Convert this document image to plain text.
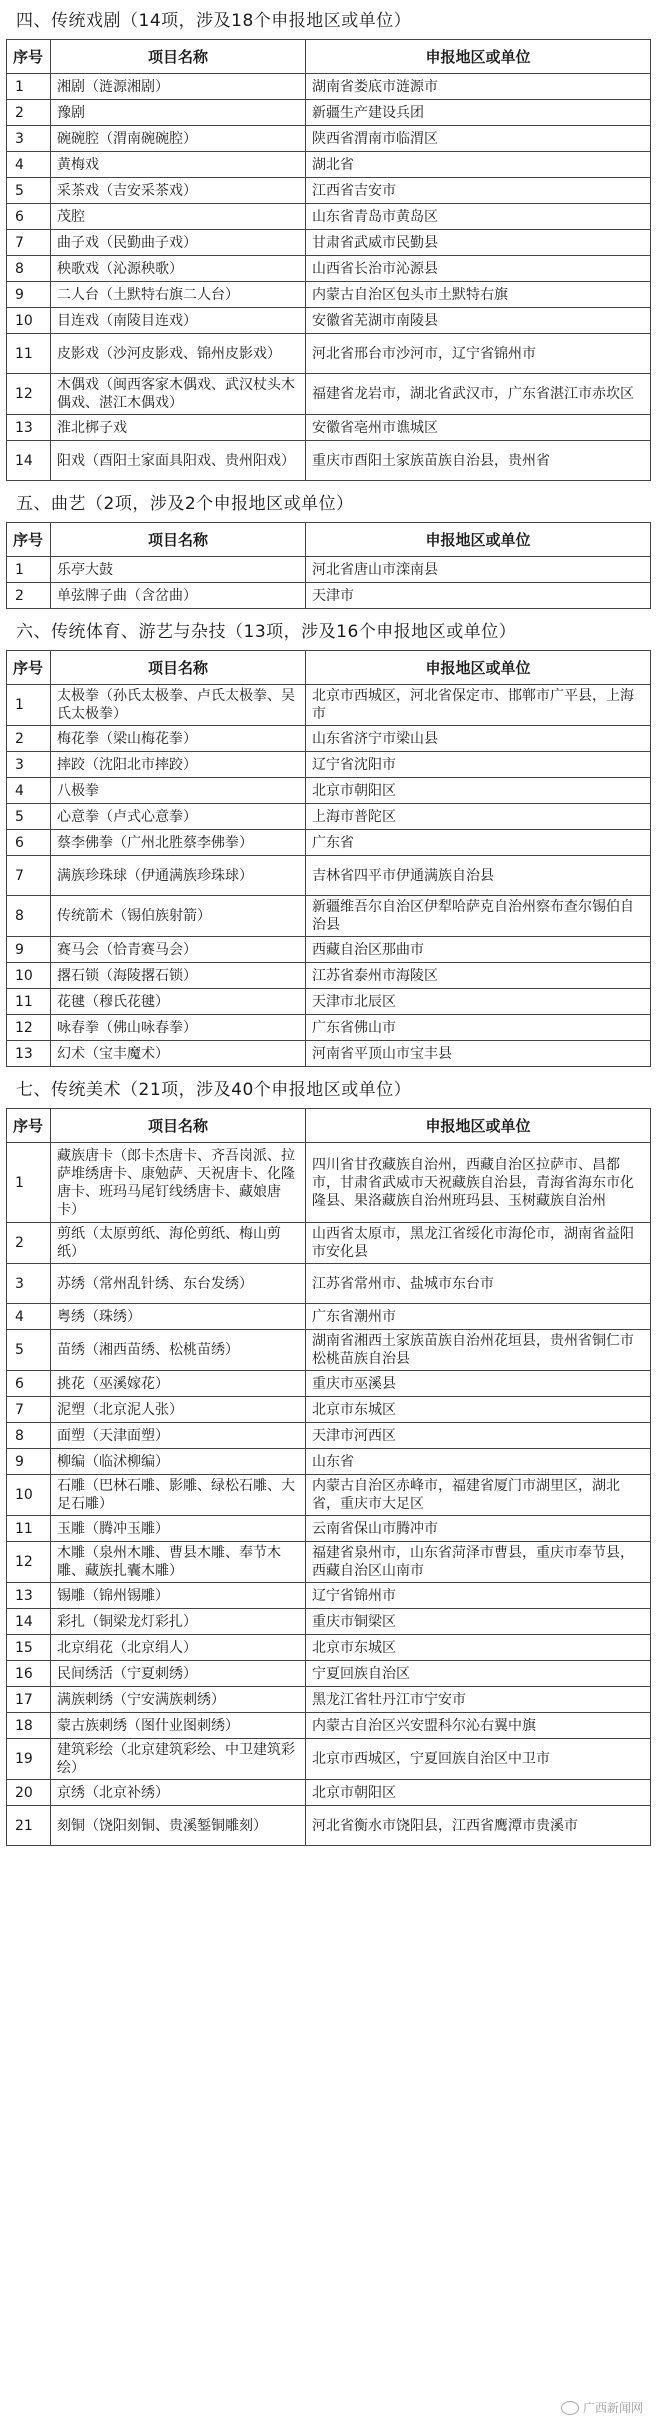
四、传统戏剧（14项，涉及18个申报地区或单位）
序号	项目名称	申报地区或单位
1	湘剧（涟源湘剧）	湖南省娄底市涟源市
2	豫剧	新疆生产建设兵团
3	碗碗腔（渭南碗碗腔）	陕西省渭南市临渭区
4	黄梅戏	湖北省
5	采茶戏（吉安采茶戏）	江西省吉安市
6	茂腔	山东省青岛市黄岛区
7	曲子戏（民勤曲子戏）	甘肃省武威市民勤县
8	秧歌戏（沁源秧歌）	山西省长治市沁源县
9	二人台（土默特右旗二人台）	内蒙古自治区包头市土默特右旗
10	目连戏（南陵目连戏）	安徽省芜湖市南陵县
11	皮影戏（沙河皮影戏、锦州皮影戏）	河北省邢台市沙河市，辽宁省锦州市
12	木偶戏（闽西客家木偶戏、武汉杖头木偶戏、湛江木偶戏）	福建省龙岩市，湖北省武汉市，广东省湛江市赤坎区
13	淮北梆子戏	安徽省亳州市谯城区
14	阳戏（酉阳土家面具阳戏、贵州阳戏）	重庆市酉阳土家族苗族自治县，贵州省
五、曲艺（2项，涉及2个申报地区或单位）
序号	项目名称	申报地区或单位
1	乐亭大鼓	河北省唐山市滦南县
2	单弦牌子曲（含岔曲）	天津市
六、传统体育、游艺与杂技（13项，涉及16个申报地区或单位）
序号	项目名称	申报地区或单位
1	太极拳（孙氏太极拳、卢氏太极拳、吴氏太极拳）	北京市西城区，河北省保定市、邯郸市广平县，上海市
2	梅花拳（梁山梅花拳）	山东省济宁市梁山县
3	摔跤（沈阳北市摔跤）	辽宁省沈阳市
4	八极拳	北京市朝阳区
5	心意拳（卢式心意拳）	上海市普陀区
6	蔡李佛拳（广州北胜蔡李佛拳）	广东省
7	满族珍珠球（伊通满族珍珠球）	吉林省四平市伊通满族自治县
8	传统箭术（锡伯族射箭）	新疆维吾尔自治区伊犁哈萨克自治州察布查尔锡伯自治县
9	赛马会（恰青赛马会）	西藏自治区那曲市
10	撂石锁（海陵撂石锁）	江苏省泰州市海陵区
11	花毽（穆氏花毽）	天津市北辰区
12	咏春拳（佛山咏春拳）	广东省佛山市
13	幻术（宝丰魔术）	河南省平顶山市宝丰县
七、传统美术（21项，涉及40个申报地区或单位）
序号	项目名称	申报地区或单位
1	藏族唐卡（郎卡杰唐卡、齐吾岗派、拉萨堆绣唐卡、康勉萨、天祝唐卡、化隆唐卡、班玛马尾钉线绣唐卡、藏娘唐卡）	四川省甘孜藏族自治州，西藏自治区拉萨市、昌都市，甘肃省武威市天祝藏族自治县，青海省海东市化隆县、果洛藏族自治州班玛县、玉树藏族自治州
2	剪纸（太原剪纸、海伦剪纸、梅山剪纸）	山西省太原市，黑龙江省绥化市海伦市，湖南省益阳市安化县
3	苏绣（常州乱针绣、东台发绣）	江苏省常州市、盐城市东台市
4	粤绣（珠绣）	广东省潮州市
5	苗绣（湘西苗绣、松桃苗绣）	湖南省湘西土家族苗族自治州花垣县，贵州省铜仁市松桃苗族自治县
6	挑花（巫溪嫁花）	重庆市巫溪县
7	泥塑（北京泥人张）	北京市东城区
8	面塑（天津面塑）	天津市河西区
9	柳编（临沭柳编）	山东省
10	石雕（巴林石雕、影雕、绿松石雕、大足石雕）	内蒙古自治区赤峰市，福建省厦门市湖里区，湖北省，重庆市大足区
11	玉雕（腾冲玉雕）	云南省保山市腾冲市
12	木雕（泉州木雕、曹县木雕、奉节木雕、藏族扎囊木雕）	福建省泉州市，山东省菏泽市曹县，重庆市奉节县，西藏自治区山南市
13	锡雕（锦州锡雕）	辽宁省锦州市
14	彩扎（铜梁龙灯彩扎）	重庆市铜梁区
15	北京绢花（北京绢人）	北京市东城区
16	民间绣活（宁夏刺绣）	宁夏回族自治区
17	满族刺绣（宁安满族刺绣）	黑龙江省牡丹江市宁安市
18	蒙古族刺绣（图什业图刺绣）	内蒙古自治区兴安盟科尔沁右翼中旗
19	建筑彩绘（北京建筑彩绘、中卫建筑彩绘）	北京市西城区，宁夏回族自治区中卫市
20	京绣（北京补绣）	北京市朝阳区
21	刻铜（饶阳刻铜、贵溪錾铜雕刻）	河北省衡水市饶阳县，江西省鹰潭市贵溪市
广西新闻网
